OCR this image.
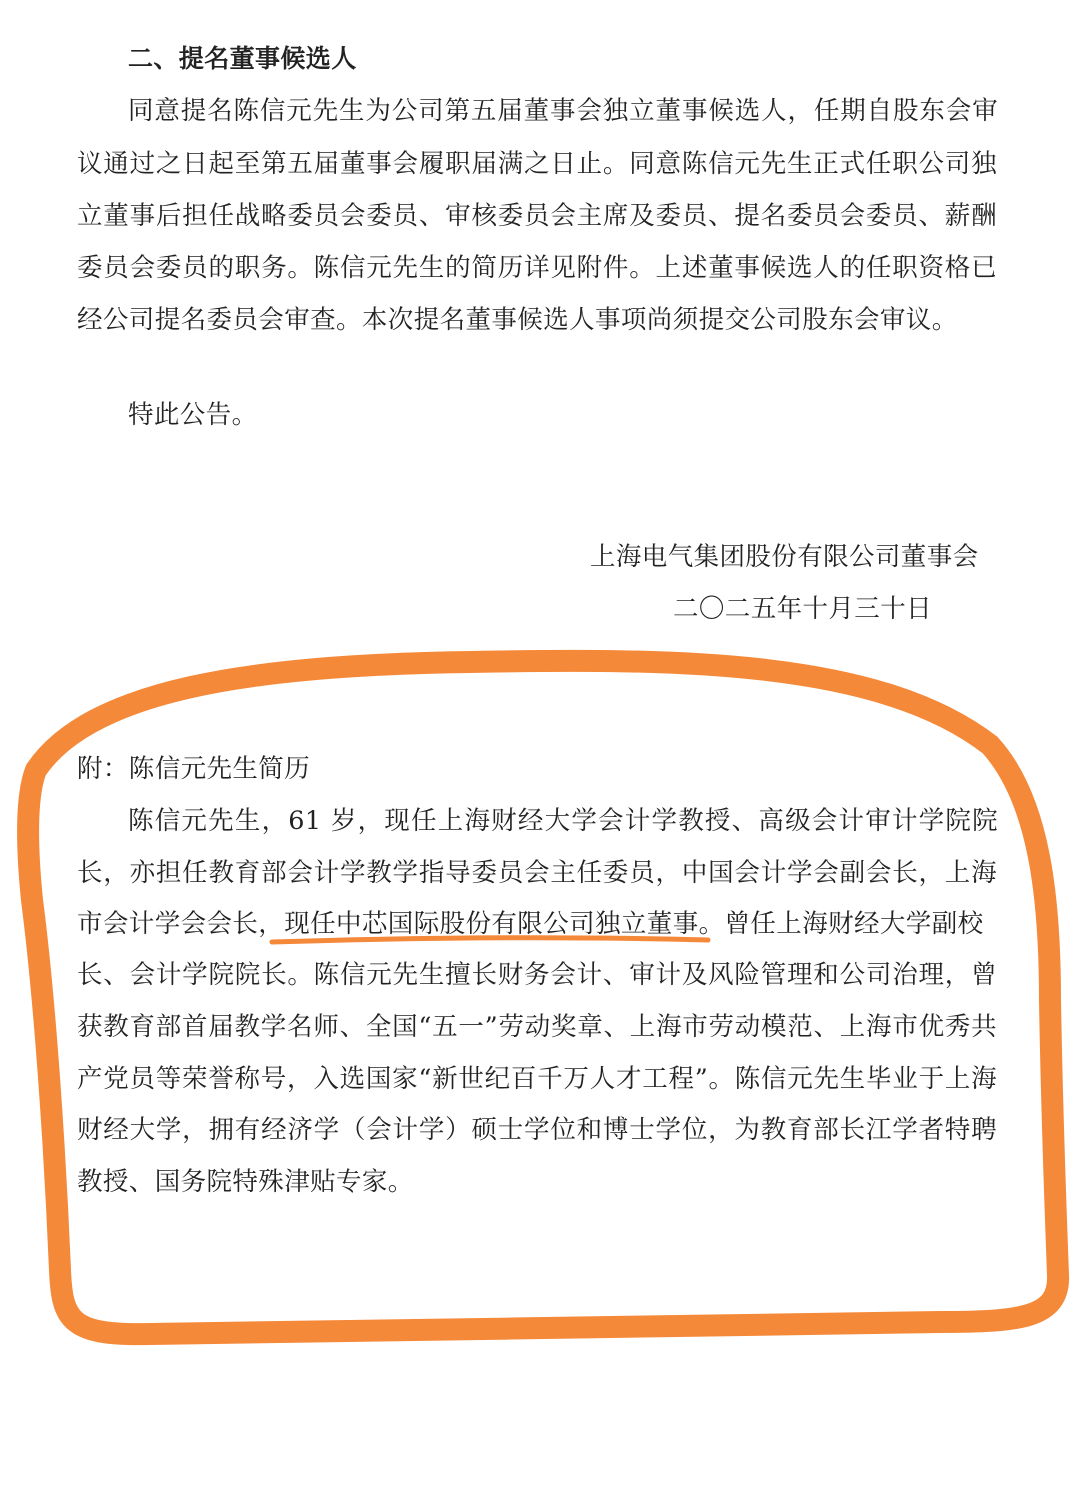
二、提名董事候选人
同意提名陈信元先生为公司第五届董事会独立董事候选人，任期自股东会审
议通过之日起至第五届董事会履职届满之日止。同意陈信元先生正式任职公司独
立董事后担任战略委员会委员、审核委员会主席及委员、提名委员会委员、薪酬
委员会委员的职务。陈信元先生的简历详见附件。上述董事候选人的任职资格已
经公司提名委员会审查。本次提名董事候选人事项尚须提交公司股东会审议。
特此公告。
上海电气集团股份有限公司董事会
二〇二五年十月三十日
附：陈信元先生简历
陈信元先生，61 岁，现任上海财经大学会计学教授、高级会计审计学院院
长，亦担任教育部会计学教学指导委员会主任委员，中国会计学会副会长，上海
市会计学会会长， 现任中芯国际股份有限公司独立董事 。曾任上海财经大学副校
长、会计学院院长。陈信元先生擅长财务会计、审计及风险管理和公司治理，曾
获教育部首届教学名师、全国“五一”劳动奖章、上海市劳动模范、上海市优秀共
产党员等荣誉称号，入选国家“新世纪百千万人才工程”。陈信元先生毕业于上海
财经大学，拥有经济学（会计学）硕士学位和博士学位，为教育部长江学者特聘
教授、国务院特殊津贴专家。
